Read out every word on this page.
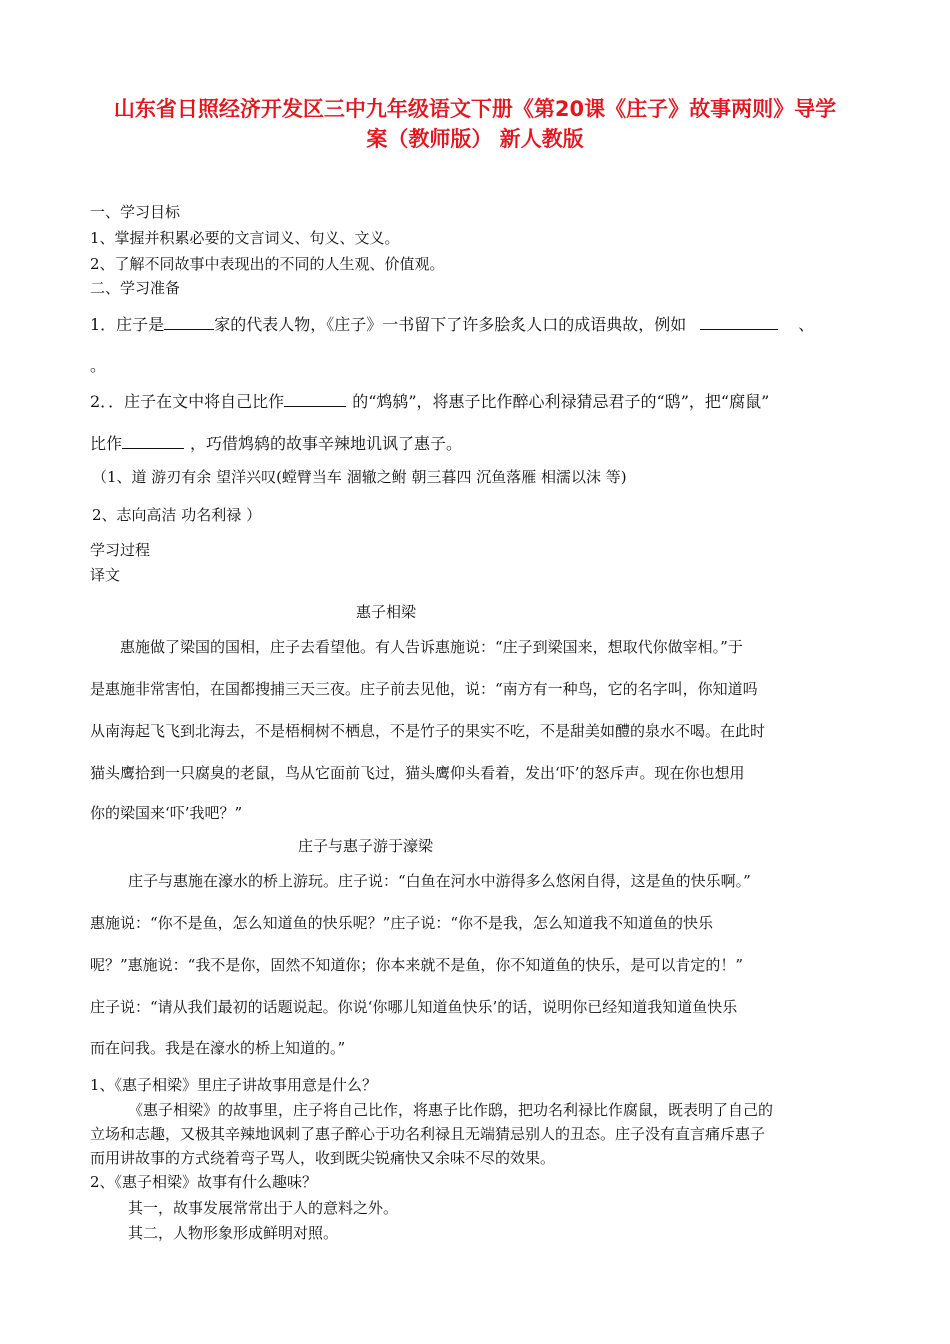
山东省日照经济开发区三中九年级语文下册《第20课《庄子》故事两则》导学
案（教师版） 新人教版
一、学习目标
1、掌握并积累必要的文言词义、句义、文义。
2、了解不同故事中表现出的不同的人生观、价值观。
二、学习准备
1．庄子是	家的代表人物，《庄子》一书留下了许多脍炙人口的成语典故，例如	、
。
2．．庄子在文中将自己比作	的“鸩鸫”，将惠子比作醉心利禄猜忌君子的“鸱”，把“腐鼠”
比作	，巧借鸩鸫的故事辛辣地讥讽了惠子。
（1、道 游刃有余 望洋兴叹(螳臂当车 涸辙之鲋 朝三暮四 沉鱼落雁 相濡以沫 等)
2、志向高洁 功名利禄 ）
学习过程
译文
惠子相梁
惠施做了梁国的国相，庄子去看望他。有人告诉惠施说：“庄子到梁国来，想取代你做宰相。”于
是惠施非常害怕，在国都搜捕三天三夜。庄子前去见他，说：“南方有一种鸟，它的名字叫，你知道吗
从南海起飞飞到北海去，不是梧桐树不栖息，不是竹子的果实不吃，不是甜美如醴的泉水不喝。在此时
猫头鹰拾到一只腐臭的老鼠，鸟从它面前飞过，猫头鹰仰头看着，发出‘吓’的怒斥声。现在你也想用
你的梁国来‘吓’我吧？”
庄子与惠子游于濠梁
庄子与惠施在濠水的桥上游玩。庄子说：“白鱼在河水中游得多么悠闲自得，这是鱼的快乐啊。”
惠施说：“你不是鱼，怎么知道鱼的快乐呢？”庄子说：“你不是我，怎么知道我不知道鱼的快乐
呢？”惠施说：“我不是你，固然不知道你；你本来就不是鱼，你不知道鱼的快乐，是可以肯定的！”
庄子说：“请从我们最初的话题说起。你说‘你哪儿知道鱼快乐’的话，说明你已经知道我知道鱼快乐
而在问我。我是在濠水的桥上知道的。”
1、《惠子相梁》里庄子讲故事用意是什么？
《惠子相梁》的故事里，庄子将自己比作，将惠子比作鸱，把功名利禄比作腐鼠，既表明了自己的
立场和志趣，又极其辛辣地讽刺了惠子醉心于功名利禄且无端猜忌别人的丑态。庄子没有直言痛斥惠子
而用讲故事的方式绕着弯子骂人，收到既尖锐痛快又余味不尽的效果。
2、《惠子相梁》故事有什么趣味？
其一，故事发展常常出于人的意料之外。
其二，人物形象形成鲜明对照。
